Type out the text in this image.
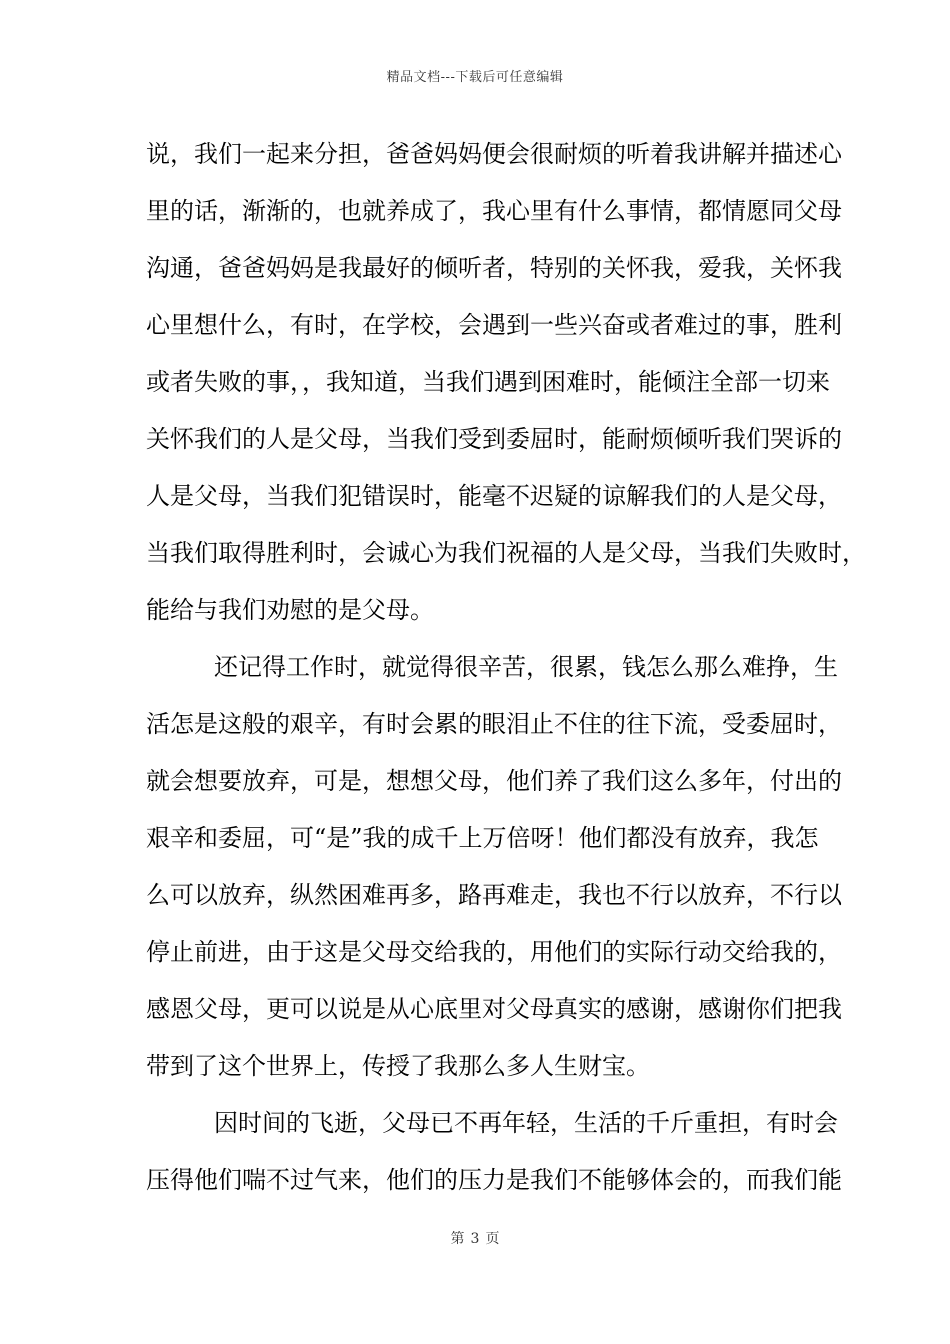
精品文档---下载后可任意编辑
说，我们一起来分担，爸爸妈妈便会很耐烦的听着我讲解并描述心
里的话，渐渐的，也就养成了，我心里有什么事情，都情愿同父母
沟通，爸爸妈妈是我最好的倾听者，特别的关怀我，爱我，关怀我
心里想什么，有时，在学校，会遇到一些兴奋或者难过的事，胜利
或者失败的事，，我知道，当我们遇到困难时，能倾注全部一切来
关怀我们的人是父母，当我们受到委屈时，能耐烦倾听我们哭诉的
人是父母，当我们犯错误时，能毫不迟疑的谅解我们的人是父母，
当我们取得胜利时，会诚心为我们祝福的人是父母，当我们失败时，
能给与我们劝慰的是父母。
还记得工作时，就觉得很辛苦，很累，钱怎么那么难挣，生
活怎是这般的艰辛，有时会累的眼泪止不住的往下流，受委屈时，
就会想要放弃，可是，想想父母，他们养了我们这么多年，付出的
艰辛和委屈，可“是”我的成千上万倍呀！他们都没有放弃，我怎
么可以放弃，纵然困难再多，路再难走，我也不行以放弃，不行以
停止前进，由于这是父母交给我的，用他们的实际行动交给我的，
感恩父母，更可以说是从心底里对父母真实的感谢，感谢你们把我
带到了这个世界上，传授了我那么多人生财宝。
因时间的飞逝，父母已不再年轻，生活的千斤重担，有时会
压得他们喘不过气来，他们的压力是我们不能够体会的，而我们能
第 3 页
